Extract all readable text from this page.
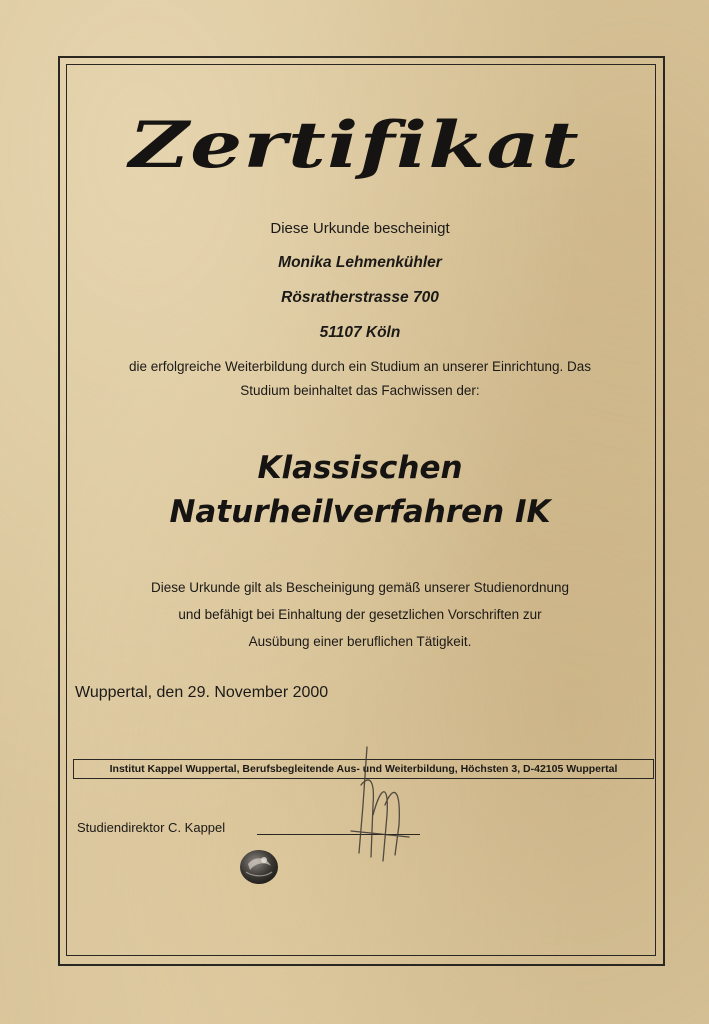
Zertifikat
Diese Urkunde bescheinigt
Monika Lehmenkühler
Rösratherstrasse 700
51107 Köln
die erfolgreiche Weiterbildung durch ein Studium an unserer Einrichtung. Das
Studium beinhaltet das Fachwissen der:
Klassischen
Naturheilverfahren IK
Diese Urkunde gilt als Bescheinigung gemäß unserer Studienordnung
und befähigt bei Einhaltung der gesetzlichen Vorschriften zur
Ausübung einer beruflichen Tätigkeit.
Wuppertal, den 29. November 2000
Institut Kappel Wuppertal, Berufsbegleitende Aus- und Weiterbildung, Höchsten 3, D-42105 Wuppertal
Studiendirektor C. Kappel
